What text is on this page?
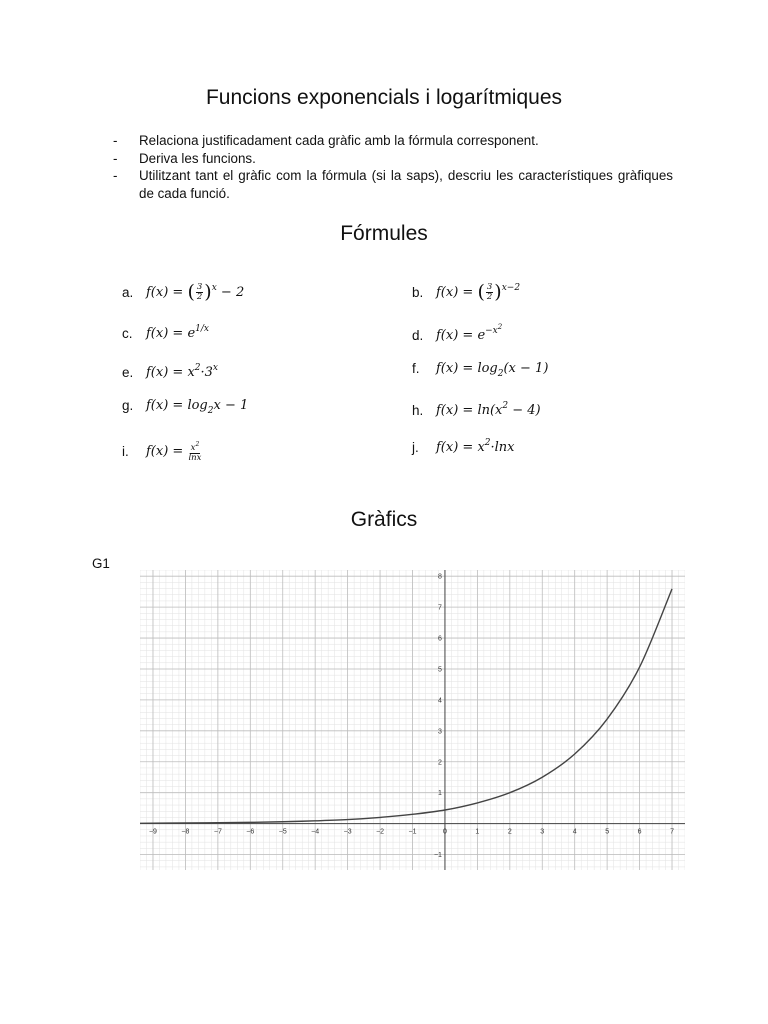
Funcions exponencials i logarítmiques
- Relaciona justificadament cada gràfic amb la fórmula corresponent.
- Deriva les funcions.
- Utilitzant tant el gràfic com la fórmula (si la saps), descriu les característiques gràfiques de cada funció.
Fórmules
a. f(x) = ( $\frac{3}{2} )^x - 2$	b. f(x) = ( $\frac{3}{2} )^{x-2}$
c.	$f(x) = e^{1/x}$	d. $f(x) = e^{-x^2}$
e. $f(x) = x^2\cdot 3^x$	f.	$f(x) = \log_2(x - 1)$
g. $f(x) = \log_2x - 1$	h. $f(x) = \ln(x^2 - 4)$
i.	$f(x) = \frac{x^2}{\ln x}$	j.	$f(x) = x^2\cdot\ln x$
Gràfics
G1
−9	−8	−7	−6	−5	−4	−3	−2	−1	0	1	2	3	4	5	6	7
−1
1
2
3
4
5
6
7
8
